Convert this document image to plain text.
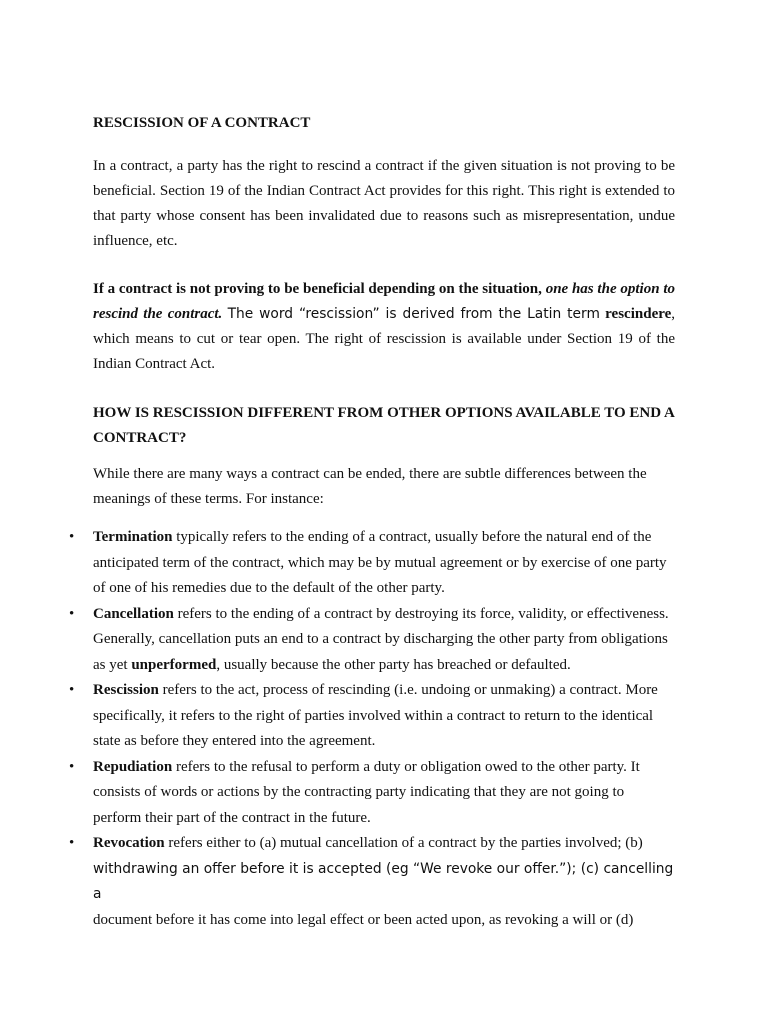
RESCISSION OF A CONTRACT

In a contract, a party has the right to rescind a contract if the given situation is not proving to be beneficial. Section 19 of the Indian Contract Act provides for this right. This right is extended to that party whose consent has been invalidated due to reasons such as misrepresentation, undue influence, etc.

If a contract is not proving to be beneficial depending on the situation, one has the option to rescind the contract. The word “rescission” is derived from the Latin term rescindere, which means to cut or tear open. The right of rescission is available under Section 19 of the Indian Contract Act.

HOW IS RESCISSION DIFFERENT FROM OTHER OPTIONS AVAILABLE TO END A CONTRACT?

While there are many ways a contract can be ended, there are subtle differences between the meanings of these terms. For instance:

• Termination typically refers to the ending of a contract, usually before the natural end of the anticipated term of the contract, which may be by mutual agreement or by exercise of one party of one of his remedies due to the default of the other party.
• Cancellation refers to the ending of a contract by destroying its force, validity, or effectiveness. Generally, cancellation puts an end to a contract by discharging the other party from obligations as yet unperformed, usually because the other party has breached or defaulted.
• Rescission refers to the act, process of rescinding (i.e. undoing or unmaking) a contract. More specifically, it refers to the right of parties involved within a contract to return to the identical state as before they entered into the agreement.
• Repudiation refers to the refusal to perform a duty or obligation owed to the other party. It consists of words or actions by the contracting party indicating that they are not going to perform their part of the contract in the future.
• Revocation refers either to (a) mutual cancellation of a contract by the parties involved; (b)
withdrawing an offer before it is accepted (eg “We revoke our offer.”); (c) cancelling a
document before it has come into legal effect or been acted upon, as revoking a will or (d)
